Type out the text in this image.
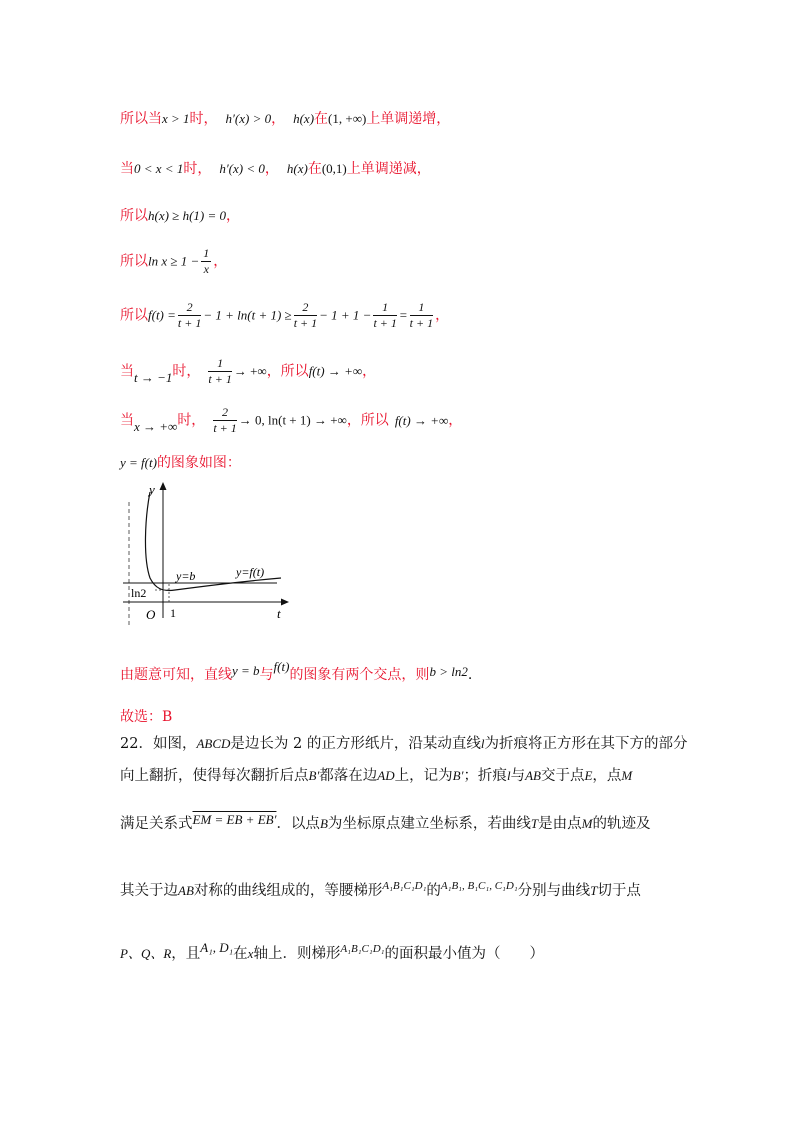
所以当x > 1时， h′(x) > 0， h(x)在(1, +∞)上单调递增，
当0 < x < 1时， h′(x) < 0， h(x)在(0,1)上单调递减，
所以h(x) ≥ h(1) = 0，
所以$\ln x \ge 1 - \frac{1}{x}$ ，
所以$f(t) = \frac{2}{t + 1} - 1 + \ln(t + 1) \ge \frac{2}{t + 1} - 1 + 1 - \frac{1}{t + 1} = \frac{1}{t + 1}$ ，
当t → −1时， $\frac{1}{t + 1}$ → +∞，所以f(t) → +∞，
当x → +∞时， $\frac{2}{t + 1} \to 0$, ln(t + 1) → +∞，所以 f(t) → +∞，
y = f(t)的图象如图：
y
t
ln2
O 1
y=b	y=f(t)
由题意可知，直线y = b与f(t)的图象有两个交点，则b > ln2.
故选：B
22．如图，ABCD是边长为 2 的正方形纸片，沿某动直线l为折痕将正方形在其下方的部分
向上翻折，使得每次翻折后点B′都落在边AD上，记为B′；折痕l与AB交于点E，点M
满足关系式EM = EB + EB′．以点B为坐标原点建立坐标系，若曲线T是由点M的轨迹及
其关于边AB对称的曲线组成的，等腰梯形$^{A_1B_1C_1D_1}$的$^{A_1B_1, B_1C_1, C_1D_1}$分别与曲线T切于点
P、Q、R，且A₁, D₁在x轴上．则梯形$^{A_1B_1C_1D_1}$的面积最小值为（　　）
